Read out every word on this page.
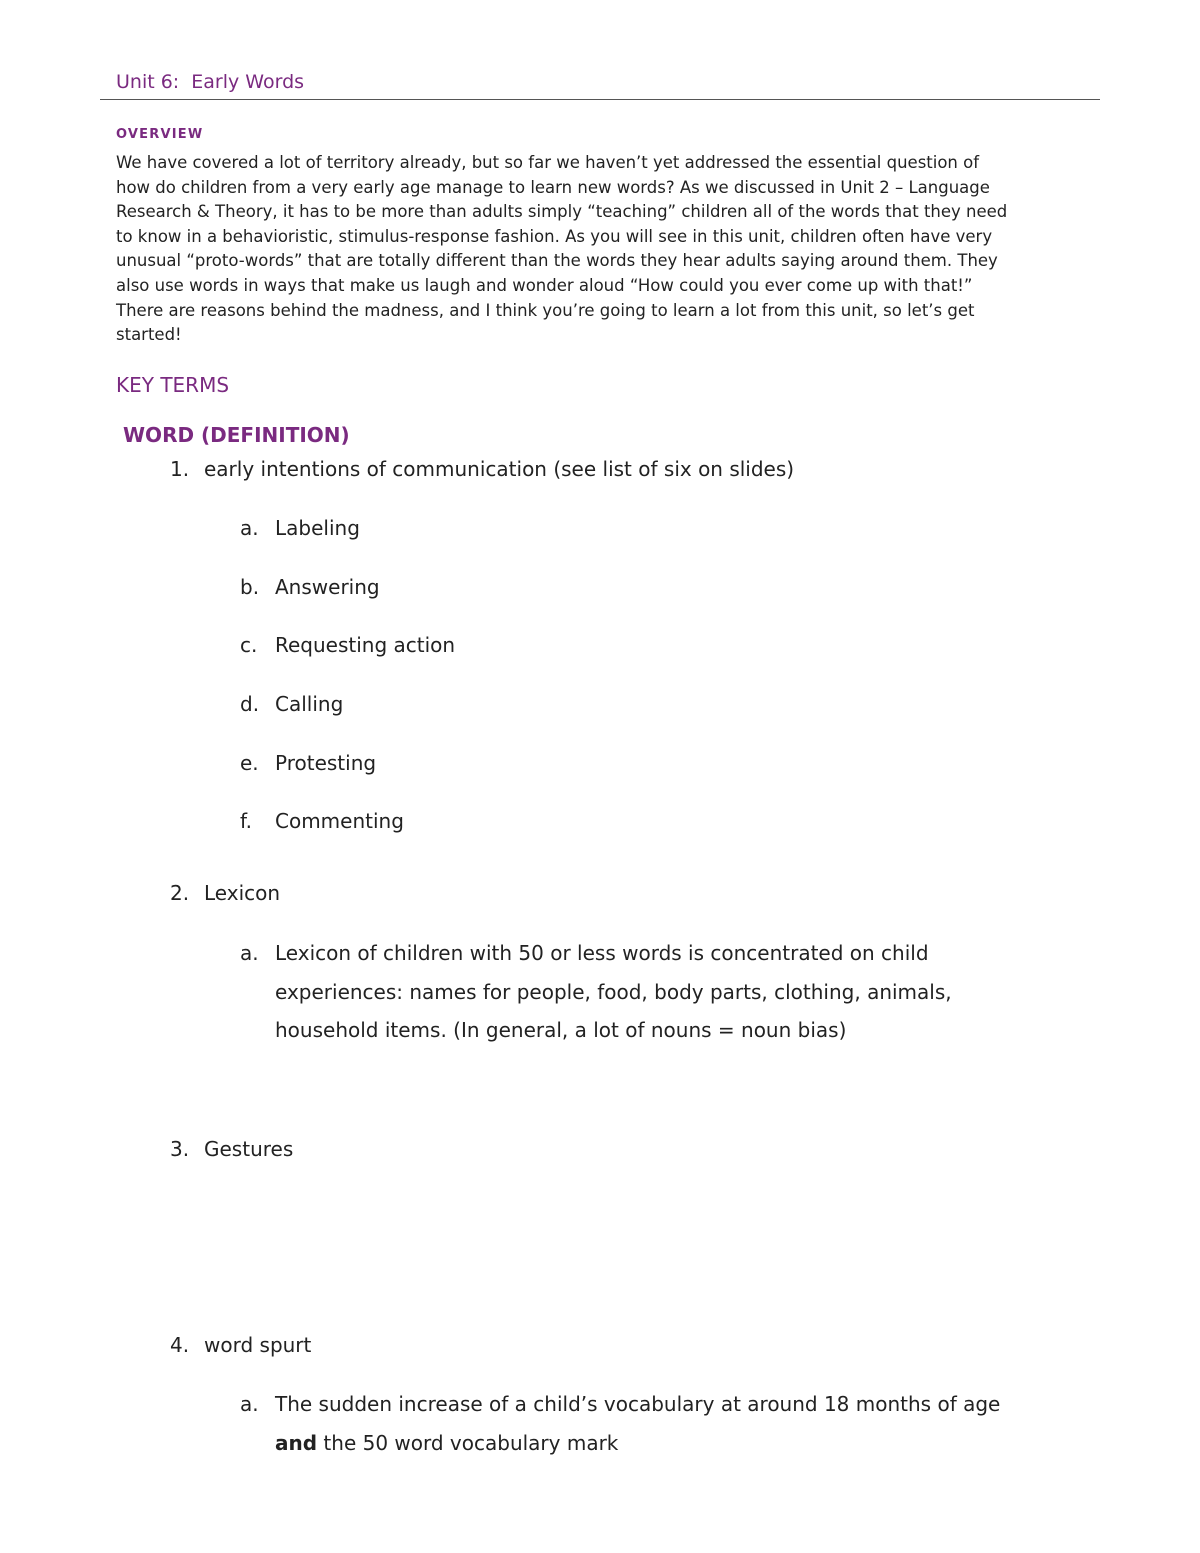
Unit 6:  Early Words
OVERVIEW
We have covered a lot of territory already, but so far we haven’t yet addressed the essential question of
how do children from a very early age manage to learn new words? As we discussed in Unit 2 – Language
Research & Theory, it has to be more than adults simply “teaching” children all of the words that they need
to know in a behavioristic, stimulus-response fashion. As you will see in this unit, children often have very
unusual “proto-words” that are totally different than the words they hear adults saying around them. They
also use words in ways that make us laugh and wonder aloud “How could you ever come up with that!”
There are reasons behind the madness, and I think you’re going to learn a lot from this unit, so let’s get
started!
KEY TERMS
WORD (DEFINITION)
1. early intentions of communication (see list of six on slides)
a. Labeling
b. Answering
c. Requesting action
d. Calling
e. Protesting
f. Commenting
2. Lexicon
a. Lexicon of children with 50 or less words is concentrated on child
experiences: names for people, food, body parts, clothing, animals,
household items. (In general, a lot of nouns = noun bias)
3. Gestures
4. word spurt
a. The sudden increase of a child’s vocabulary at around 18 months of age
and the 50 word vocabulary mark
